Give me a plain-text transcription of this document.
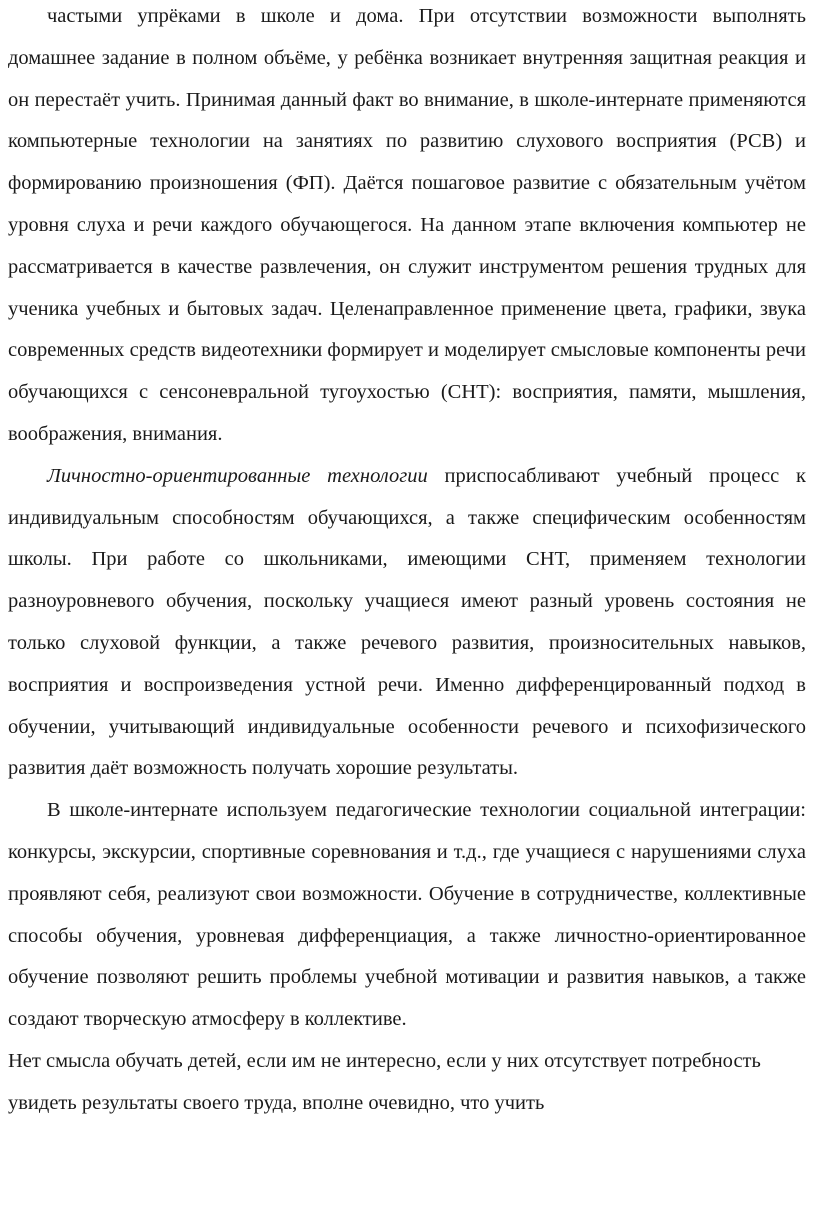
частыми упрёками в школе и дома. При отсутствии возможности выполнять домашнее задание в полном объёме, у ребёнка возникает внутренняя защитная реакция и он перестаёт учить. Принимая данный факт во внимание, в школе-интернате применяются компьютерные технологии на занятиях по развитию слухового восприятия (РСВ) и формированию произношения (ФП). Даётся пошаговое развитие с обязательным учётом уровня слуха и речи каждого обучающегося. На данном этапе включения компьютер не рассматривается в качестве развлечения, он служит инструментом решения трудных для ученика учебных и бытовых задач. Целенаправленное применение цвета, графики, звука современных средств видеотехники формирует и моделирует смысловые компоненты речи обучающихся с сенсоневральной тугоухостью (СНТ): восприятия, памяти, мышления, воображения, внимания.

Личностно-ориентированные технологии приспосабливают учебный процесс к индивидуальным способностям обучающихся, а также специфическим особенностям школы. При работе со школьниками, имеющими СНТ, применяем технологии разноуровневого обучения, поскольку учащиеся имеют разный уровень состояния не только слуховой функции, а также речевого развития, произносительных навыков, восприятия и воспроизведения устной речи. Именно дифференцированный подход в обучении, учитывающий индивидуальные особенности речевого и психофизического развития даёт возможность получать хорошие результаты.

В школе-интернате используем педагогические технологии социальной интеграции: конкурсы, экскурсии, спортивные соревнования и т.д., где учащиеся с нарушениями слуха проявляют себя, реализуют свои возможности. Обучение в сотрудничестве, коллективные способы обучения, уровневая дифференциация, а также личностно-ориентированное обучение позволяют решить проблемы учебной мотивации и развития навыков, а также создают творческую атмосферу в коллективе.

Нет смысла обучать детей, если им не интересно, если у них отсутствует потребность увидеть результаты своего труда, вполне очевидно, что учить
